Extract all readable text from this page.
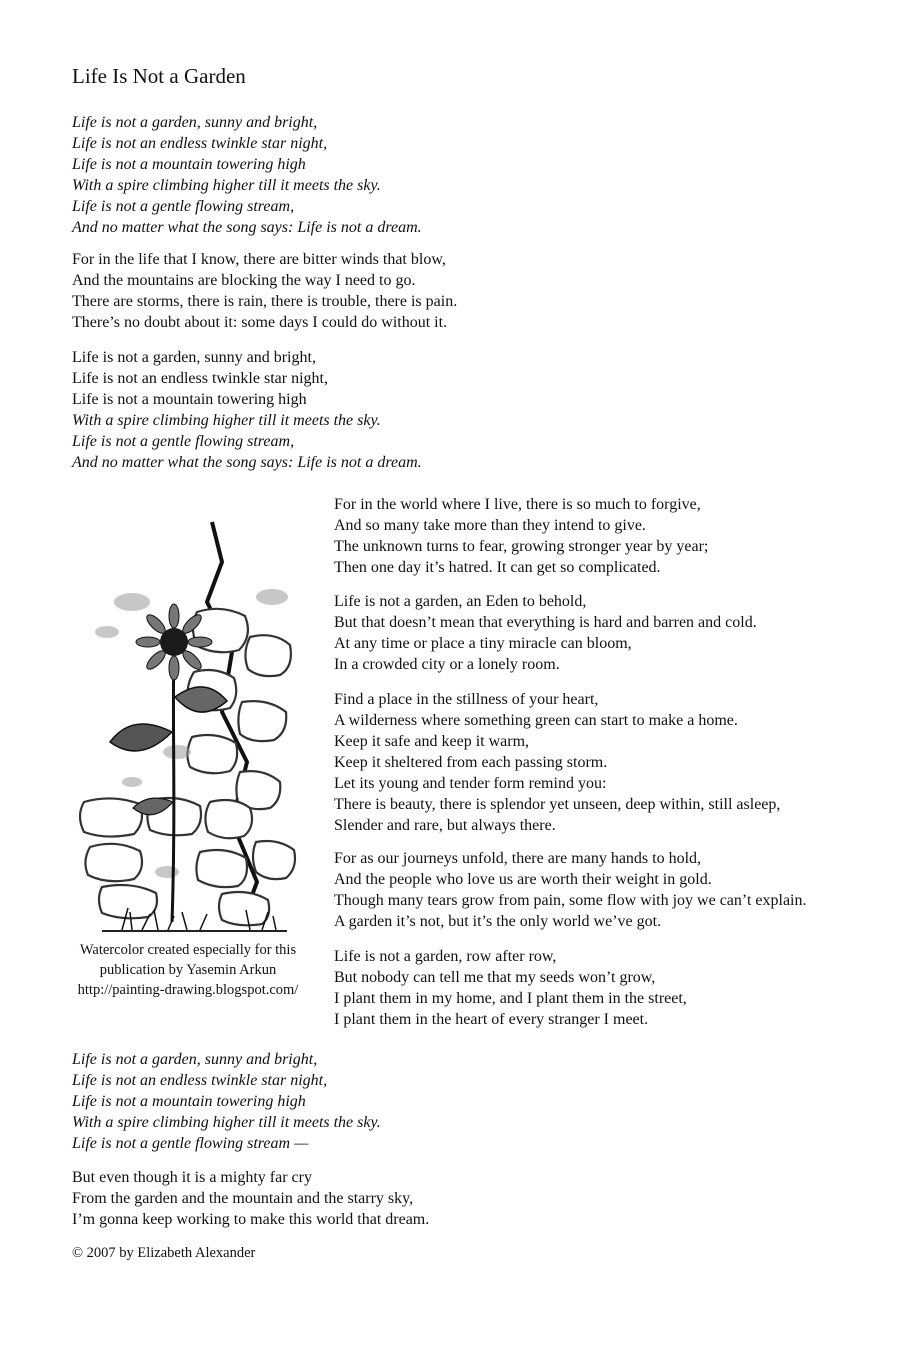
Life Is Not a Garden
Life is not a garden, sunny and bright,
Life is not an endless twinkle star night,
Life is not a mountain towering high
With a spire climbing higher till it meets the sky.
Life is not a gentle flowing stream,
And no matter what the song says: Life is not a dream.
For in the life that I know, there are bitter winds that blow,
And the mountains are blocking the way I need to go.
There are storms, there is rain, there is trouble, there is pain.
There’s no doubt about it: some days I could do without it.
Life is not a garden, sunny and bright,
Life is not an endless twinkle star night,
Life is not a mountain towering high
With a spire climbing higher till it meets the sky.
Life is not a gentle flowing stream,
And no matter what the song says: Life is not a dream.
Watercolor created especially for this
publication by Yasemin Arkun
http://painting-drawing.blogspot.com/
For in the world where I live, there is so much to forgive,
And so many take more than they intend to give.
The unknown turns to fear, growing stronger year by year;
Then one day it’s hatred. It can get so complicated.
Life is not a garden, an Eden to behold,
But that doesn’t mean that everything is hard and barren and cold.
At any time or place a tiny miracle can bloom,
In a crowded city or a lonely room.
Find a place in the stillness of your heart,
A wilderness where something green can start to make a home.
Keep it safe and keep it warm,
Keep it sheltered from each passing storm.
Let its young and tender form remind you:
There is beauty, there is splendor yet unseen, deep within, still asleep,
Slender and rare, but always there.
For as our journeys unfold, there are many hands to hold,
And the people who love us are worth their weight in gold.
Though many tears grow from pain, some flow with joy we can’t explain.
A garden it’s not, but it’s the only world we’ve got.
Life is not a garden, row after row,
But nobody can tell me that my seeds won’t grow,
I plant them in my home, and I plant them in the street,
I plant them in the heart of every stranger I meet.
Life is not a garden, sunny and bright,
Life is not an endless twinkle star night,
Life is not a mountain towering high
With a spire climbing higher till it meets the sky.
Life is not a gentle flowing stream —
But even though it is a mighty far cry
From the garden and the mountain and the starry sky,
I’m gonna keep working to make this world that dream.
© 2007 by Elizabeth Alexander
